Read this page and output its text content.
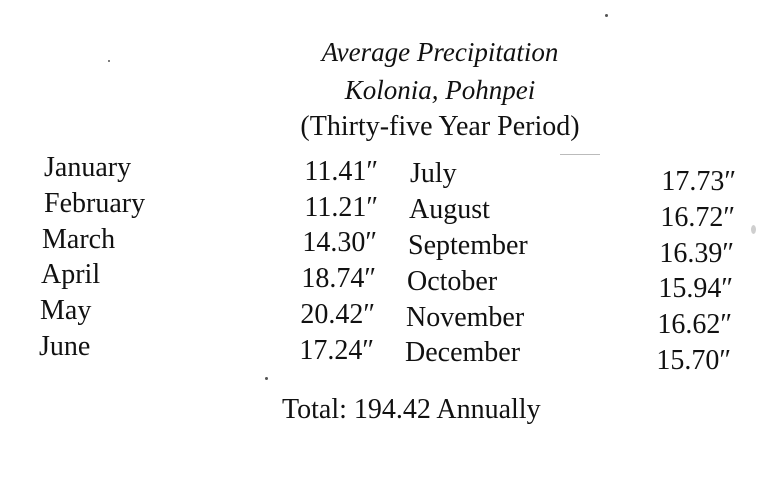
Average Precipitation
Kolonia, Pohnpei
(Thirty-five Year Period)
January
February
March
April
May
June
11.41″
11.21″
14.30″
18.74″
20.42″
17.24″
July
August
September
October
November
December
17.73″
16.72″
16.39″
15.94″
16.62″
15.70″
Total: 194.42 Annually
